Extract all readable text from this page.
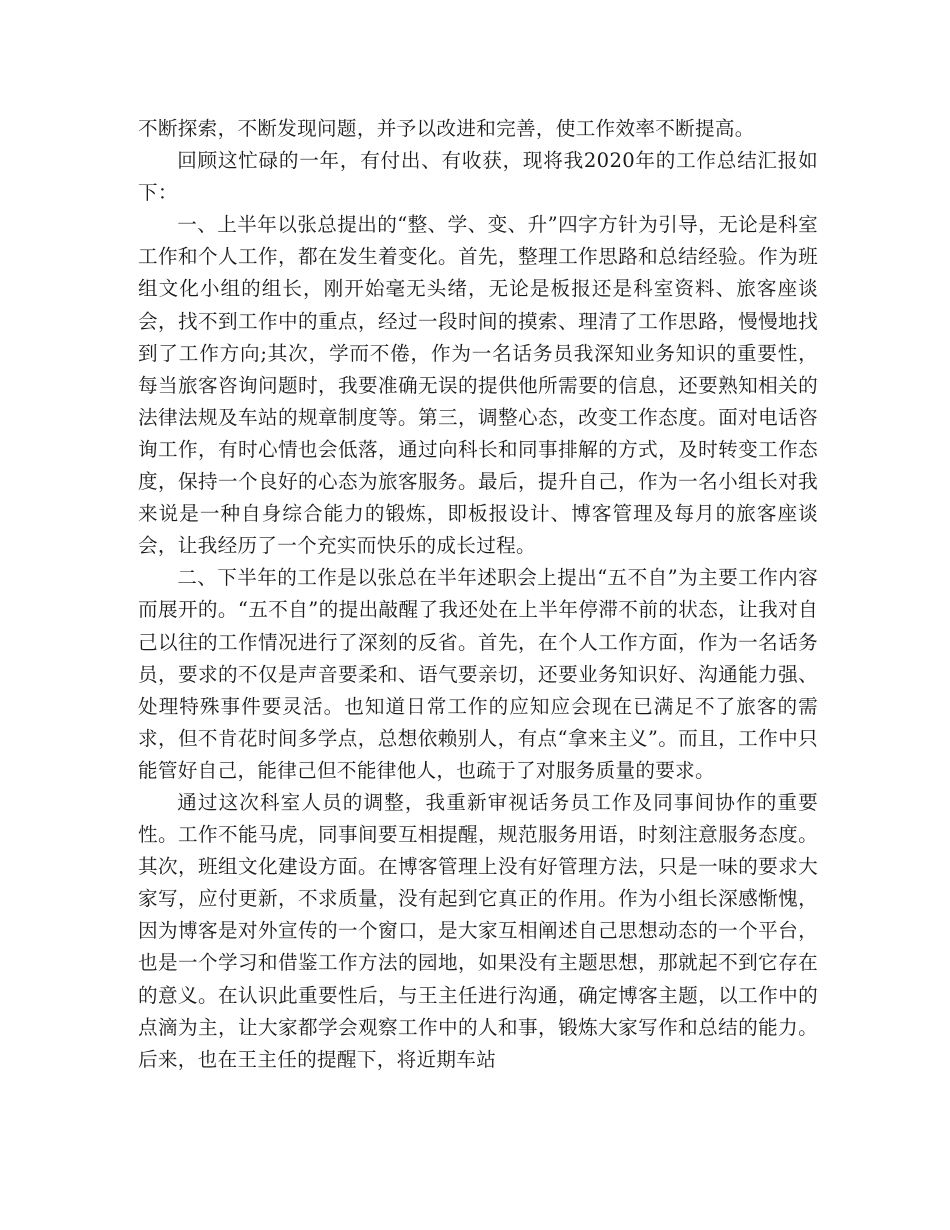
不断探索，不断发现问题，并予以改进和完善，使工作效率不断提高。

回顾这忙碌的一年，有付出、有收获，现将我2020年的工作总结汇报如下：

一、上半年以张总提出的“整、学、变、升”四字方针为引导，无论是科室工作和个人工作，都在发生着变化。首先，整理工作思路和总结经验。作为班组文化小组的组长，刚开始毫无头绪，无论是板报还是科室资料、旅客座谈会，找不到工作中的重点，经过一段时间的摸索、理清了工作思路，慢慢地找到了工作方向;其次，学而不倦，作为一名话务员我深知业务知识的重要性，每当旅客咨询问题时，我要准确无误的提供他所需要的信息，还要熟知相关的法律法规及车站的规章制度等。第三，调整心态，改变工作态度。面对电话咨询工作，有时心情也会低落，通过向科长和同事排解的方式，及时转变工作态度，保持一个良好的心态为旅客服务。最后，提升自己，作为一名小组长对我来说是一种自身综合能力的锻炼，即板报设计、博客管理及每月的旅客座谈会，让我经历了一个充实而快乐的成长过程。

二、下半年的工作是以张总在半年述职会上提出“五不自”为主要工作内容而展开的。“五不自”的提出敲醒了我还处在上半年停滞不前的状态，让我对自己以往的工作情况进行了深刻的反省。首先，在个人工作方面，作为一名话务员，要求的不仅是声音要柔和、语气要亲切，还要业务知识好、沟通能力强、处理特殊事件要灵活。也知道日常工作的应知应会现在已满足不了旅客的需求，但不肯花时间多学点，总想依赖别人，有点“拿来主义”。而且，工作中只能管好自己，能律己但不能律他人，也疏于了对服务质量的要求。

通过这次科室人员的调整，我重新审视话务员工作及同事间协作的重要性。工作不能马虎，同事间要互相提醒，规范服务用语，时刻注意服务态度。其次，班组文化建设方面。在博客管理上没有好管理方法，只是一味的要求大家写，应付更新，不求质量，没有起到它真正的作用。作为小组长深感惭愧，因为博客是对外宣传的一个窗口，是大家互相阐述自己思想动态的一个平台，也是一个学习和借鉴工作方法的园地，如果没有主题思想，那就起不到它存在的意义。在认识此重要性后，与王主任进行沟通，确定博客主题，以工作中的点滴为主，让大家都学会观察工作中的人和事，锻炼大家写作和总结的能力。后来，也在王主任的提醒下，将近期车站
